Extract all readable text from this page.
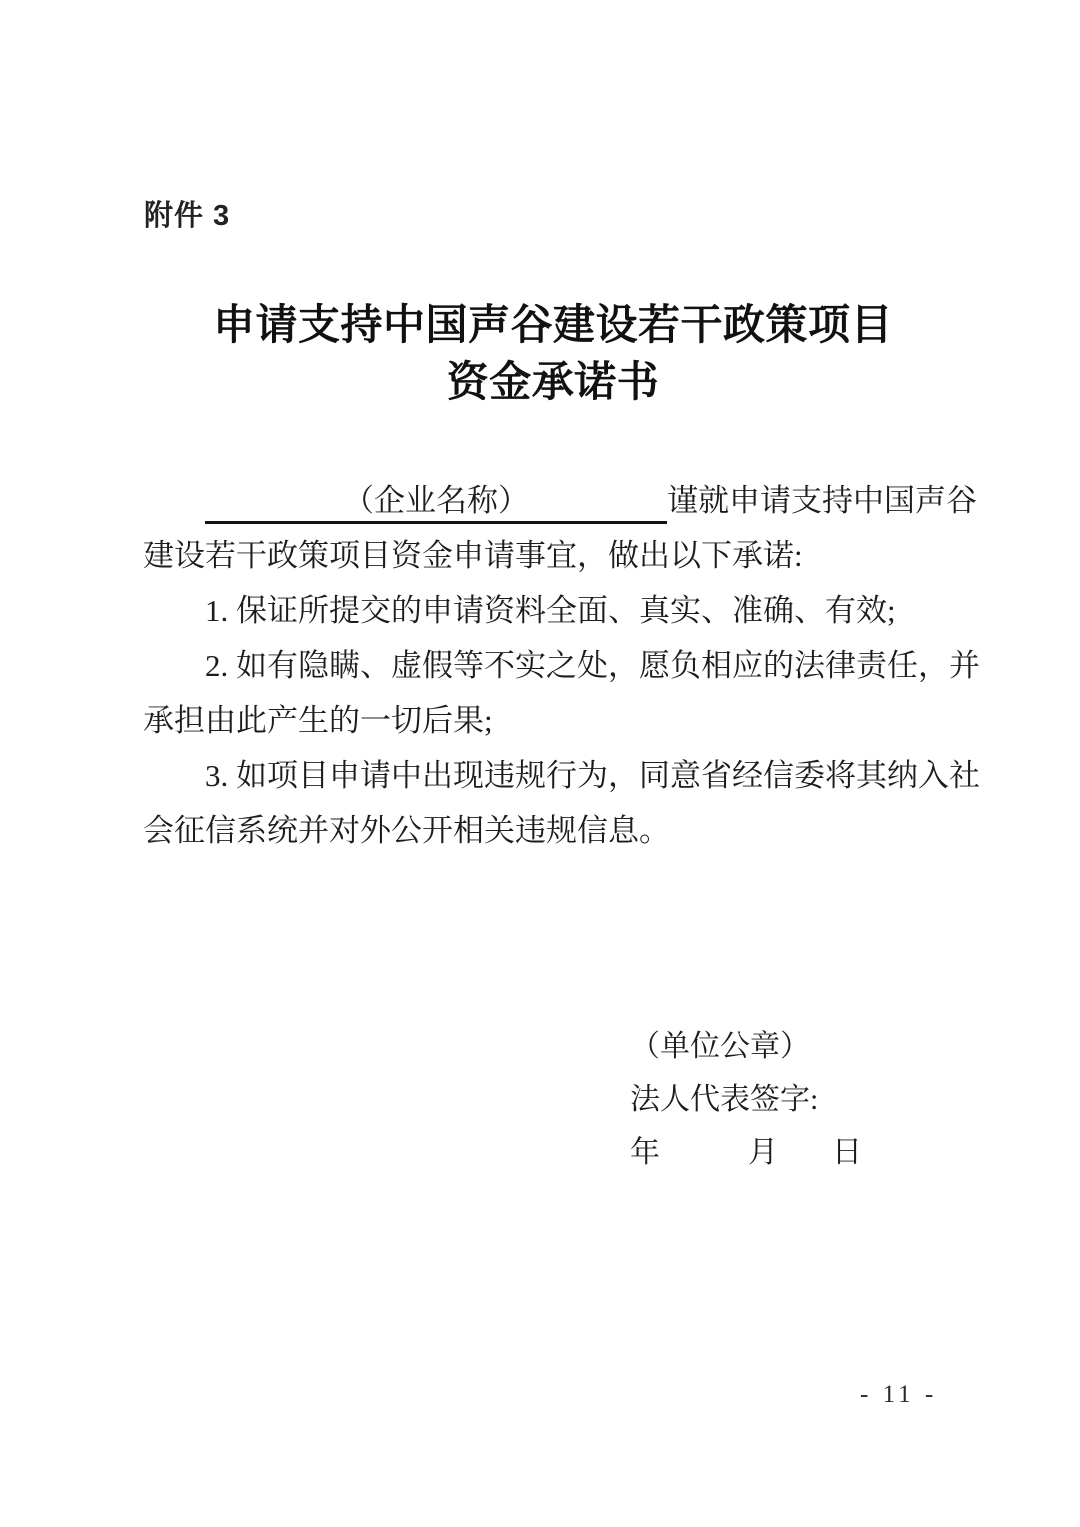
附件 3
申请支持中国声谷建设若干政策项目
资金承诺书
（企业名称）	谨就申请支持中国声谷
建设若干政策项目资金申请事宜，做出以下承诺:
1. 保证所提交的申请资料全面、真实、准确、有效;
2. 如有隐瞒、虚假等不实之处，愿负相应的法律责任，并
承担由此产生的一切后果;
3. 如项目申请中出现违规行为，同意省经信委将其纳入社
会征信系统并对外公开相关违规信息。
（单位公章）
法人代表签字:
年	月 日
- 11 -
